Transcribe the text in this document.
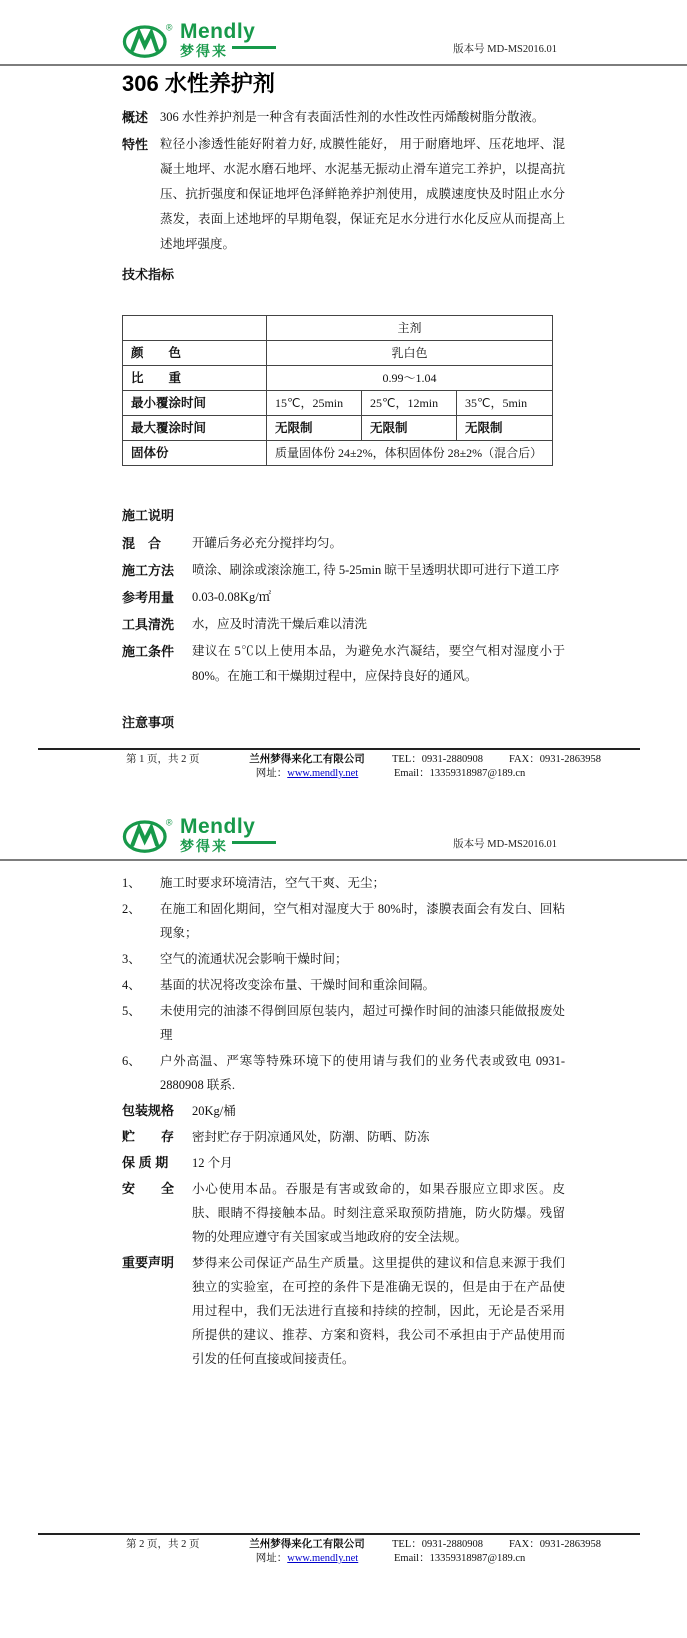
® Mendly
梦得来	版本号 MD-MS2016.01
306 水性养护剂
概述 306 水性养护剂是一种含有表面活性剂的水性改性丙烯酸树脂分散液。
特性 粒径小渗透性能好附着力好, 成膜性能好， 用于耐磨地坪、压花地坪、混凝土地坪、水泥水磨石地坪、水泥基无振动止滑车道完工养护，以提高抗压、抗折强度和保证地坪色泽鲜艳养护剂使用，成膜速度快及时阻止水分蒸发，表面上述地坪的早期龟裂，保证充足水分进行水化反应从而提高上述地坪强度。
技术指标
	主剂		
颜　　色	乳白色		
比　　重	0.99～1.04		
最小覆涂时间	15℃，25min	25℃，12min	35℃，5min
最大覆涂时间	无限制	无限制	无限制
固体份	质量固体份 24±2%，体积固体份 28±2%（混合后）		
施工说明
混　合	开罐后务必充分搅拌均匀。
施工方法	喷涂、刷涂或滚涂施工, 待 5-25min 晾干呈透明状即可进行下道工序
参考用量	0.03-0.08Kg/㎡
工具清洗	水，应及时清洗干燥后难以清洗
施工条件	建议在 5℃以上使用本品，为避免水汽凝结，要空气相对湿度小于 80%。在施工和干燥期过程中，应保持良好的通风。
注意事项
第 1 页，共 2 页	兰州梦得来化工有限公司
网址：www.mendly.net
TEL：0931-2880908 FAX：0931-2863958
Email：13359318987@189.cn
® Mendly
梦得来	版本号 MD-MS2016.01
1、	施工时要求环境清洁，空气干爽、无尘；
2、	在施工和固化期间，空气相对湿度大于 80%时，漆膜表面会有发白、回粘现象；
3、	空气的流通状况会影响干燥时间；
4、	基面的状况将改变涂布量、干燥时间和重涂间隔。
5、	未使用完的油漆不得倒回原包装内，超过可操作时间的油漆只能做报废处理
6、	户外高温、严寒等特殊环境下的使用请与我们的业务代表或致电 0931-2880908 联系.
包装规格	20Kg/桶
贮　　存	密封贮存于阴凉通风处，防潮、防晒、防冻
保 质 期	12 个月
安　　全	小心使用本品。吞服是有害或致命的，如果吞服应立即求医。皮肤、眼睛不得接触本品。时刻注意采取预防措施，防火防爆。残留物的处理应遵守有关国家或当地政府的安全法规。
重要声明	梦得来公司保证产品生产质量。这里提供的建议和信息来源于我们独立的实验室，在可控的条件下是准确无误的，但是由于在产品使用过程中，我们无法进行直接和持续的控制，因此，无论是否采用所提供的建议、推荐、方案和资料，我公司不承担由于产品使用而引发的任何直接或间接责任。
第 2 页，共 2 页	兰州梦得来化工有限公司
网址：www.mendly.net
TEL：0931-2880908 FAX：0931-2863958
Email：13359318987@189.cn
